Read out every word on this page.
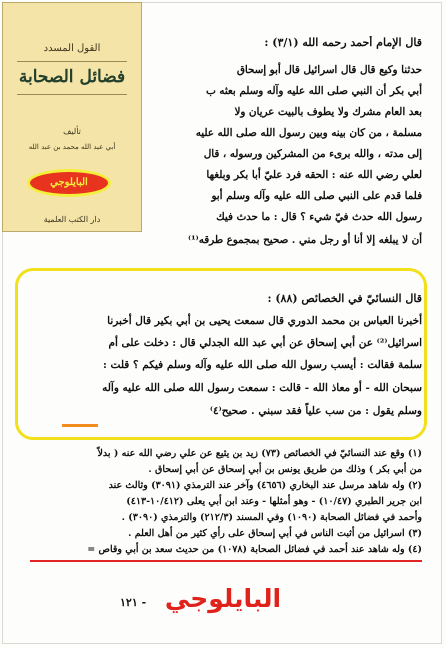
قال الإمام أحمد رحمه الله (٣/١) :
حدثنا وكيع قال قال اسرائيل قال أبو إسحاق
أبي بكر أن النبي صلى الله عليه وآله وسلم بعثه ب
بعد العام مشرك ولا يطوف بالبيت عريان ولا
مسلمة ، من كان بينه وبين رسول الله صلى الله عليه
إلى مدته ، والله برىء من المشركين ورسوله ، قال
لعلي رضي الله عنه : الحقه فرد عليّ أبا بكر وبلغها
فلما قدم على النبي صلى الله عليه وآله وسلم أبو
رسول الله حدث فيّ شيء ؟ قال : ما حدث فيك
أن لا يبلغه إلا أنا أو رجل مني . صحيح بمجموع طرقه⁽¹⁾
القول المسدد
فضائل الصحابة
تأليف
أبي عبد الله محمد بن عبد الله
البايلوجي
دار الكتب العلمية
قال النسائيّ في الخصائص (٨٨) :
أخبرنا العباس بن محمد الدوري قال سمعت يحيى بن أبي بكير قال أخبرنا
اسرائيل⁽²⁾ عن أبي إسحاق عن أبي عبد الله الجدلي قال : دخلت على أم
سلمة فقالت : أيسب رسول الله صلى الله عليه وآله وسلم فيكم ؟ قلت :
سبحان الله - أو معاذ الله - قالت : سمعت رسول الله صلى الله عليه وآله
وسلم يقول : من سب علياً فقد سبني . صحيح⁽٤⁾
(١) وقع عند النسائيّ في الخصائص (٧٣) زيد بن يثيع عن علي رضي الله عنه ( بدلاً
من أبي بكر ) وذلك من طريق يونس بن أبي إسحاق عن أبي إسحاق .
(٢) وله شاهد مرسل عند البخاري (٤٦٥٦) وآخر عند الترمذي (٣٠٩١) وثالث عند
ابن جرير الطبري (١٠/٤٧) - وهو أمثلها - وعند ابن أبي يعلى (١٠/٤١٢-٤١٣)
وأحمد في فضائل الصحابة (١٠٩٠) وفي المسند (٢١٢/٣) والترمذي (٣٠٩٠) .
(٣) اسرائيل من أثبت الناس في أبي إسحاق على رأي كثير من أهل العلم .
(٤) وله شاهد عند أحمد في فضائل الصحابة (١٠٧٨) من حديث سعد بن أبي وقاص =
البايلوجي
١٢١ -
